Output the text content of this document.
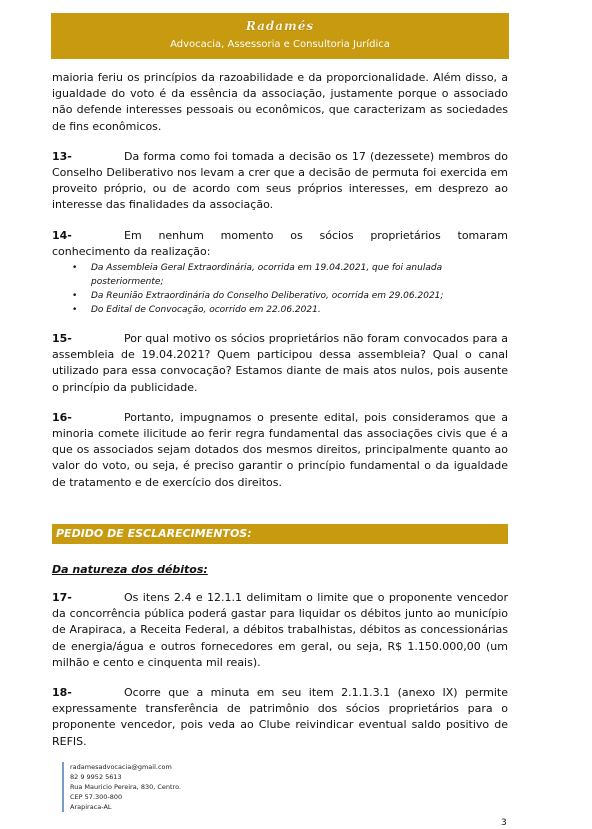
Radamés
Advocacia, Assessoria e Consultoria Jurídica

maioria feriu os princípios da razoabilidade e da proporcionalidade. Além disso, a igualdade do voto é da essência da associação, justamente porque o associado não defende interesses pessoais ou econômicos, que caracterizam as sociedades de fins econômicos.

13-	Da forma como foi tomada a decisão os 17 (dezessete) membros do Conselho Deliberativo nos levam a crer que a decisão de permuta foi exercida em proveito próprio, ou de acordo com seus próprios interesses, em desprezo ao interesse das finalidades da associação.

14-	Em nenhum momento os sócios proprietários tomaram

conhecimento da realização:

• Da Assembleia Geral Extraordinária, ocorrida em 19.04.2021, que foi anulada posteriormente;
• Da Reunião Extraordinária do Conselho Deliberativo, ocorrida em 29.06.2021;
• Do Edital de Convocação, ocorrido em 22.06.2021.

15-	Por qual motivo os sócios proprietários não foram convocados para a assembleia de 19.04.2021? Quem participou dessa assembleia? Qual o canal utilizado para essa convocação? Estamos diante de mais atos nulos, pois ausente o princípio da publicidade.

16-	Portanto, impugnamos o presente edital, pois consideramos que a minoria comete ilicitude ao ferir regra fundamental das associações civis que é a que os associados sejam dotados dos mesmos direitos, principalmente quanto ao valor do voto, ou seja, é preciso garantir o princípio fundamental o da igualdade de tratamento e de exercício dos direitos.

PEDIDO DE ESCLARECIMENTOS:
Da natureza dos débitos:

17-	Os itens 2.4 e 12.1.1 delimitam o limite que o proponente vencedor da concorrência pública poderá gastar para liquidar os débitos junto ao município de Arapiraca, a Receita Federal, a débitos trabalhistas, débitos as concessionárias de energia/água e outros fornecedores em geral, ou seja, R$ 1.150.000,00 (um milhão e cento e cinquenta mil reais).

18-	Ocorre que a minuta em seu item 2.1.1.3.1 (anexo IX) permite expressamente transferência de patrimônio dos sócios proprietários para o proponente vencedor, pois veda ao Clube reivindicar eventual saldo positivo de REFIS.

radamesadvocacia@gmail.com
82 9 9952 5613
Rua Mauricio Pereira, 830, Centro.
CEP 57.300-800
Arapiraca-AL
3
